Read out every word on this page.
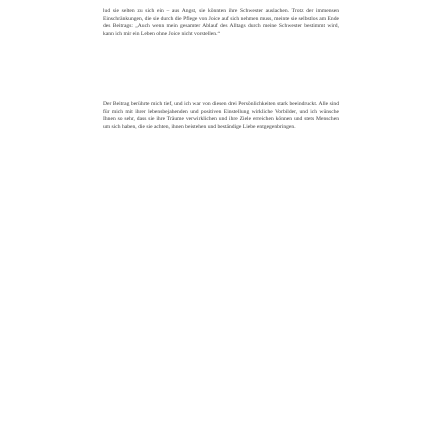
lud sie selten zu sich ein – aus Angst, sie könnten ihre Schwester auslachen. Trotz der immensen Einschränkungen, die sie durch die Pflege von Joice auf sich nehmen muss, meinte sie selbstlos am Ende des Beitrags: „Auch wenn mein gesamter Ablauf des Alltags durch meine Schwester bestimmt wird, kann ich mir ein Leben ohne Joice nicht vorstellen.“

Der Beitrag berührte mich tief, und ich war von diesen drei Persönlichkeiten stark beeindruckt. Alle sind für mich mit ihrer lebensbejahenden und positiven Einstellung wirkliche Vorbilder, und ich wünsche Ihnen so sehr, dass sie ihre Träume verwirklichen und ihre Ziele erreichen können und stets Menschen um sich haben, die sie achten, ihnen beistehen und beständige Liebe entgegenbringen.
